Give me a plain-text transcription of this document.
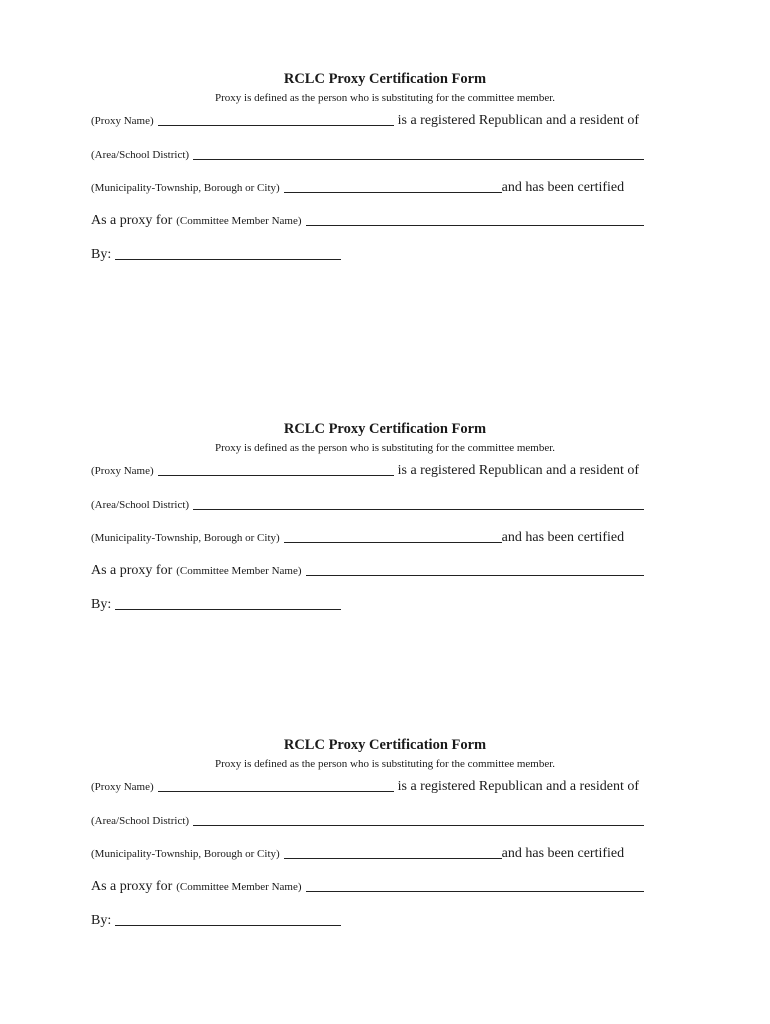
RCLC Proxy Certification Form
Proxy is defined as the person who is substituting for the committee member.
(Proxy Name)	is a registered Republican and a resident of
(Area/School District)
(Municipality-Township, Borough or City)	and has been certified
As a proxy for (Committee Member Name)
By:
RCLC Proxy Certification Form
Proxy is defined as the person who is substituting for the committee member.
(Proxy Name)	is a registered Republican and a resident of
(Area/School District)
(Municipality-Township, Borough or City)	and has been certified
As a proxy for (Committee Member Name)
By:
RCLC Proxy Certification Form
Proxy is defined as the person who is substituting for the committee member.
(Proxy Name)	is a registered Republican and a resident of
(Area/School District)
(Municipality-Township, Borough or City)	and has been certified
As a proxy for (Committee Member Name)
By:
